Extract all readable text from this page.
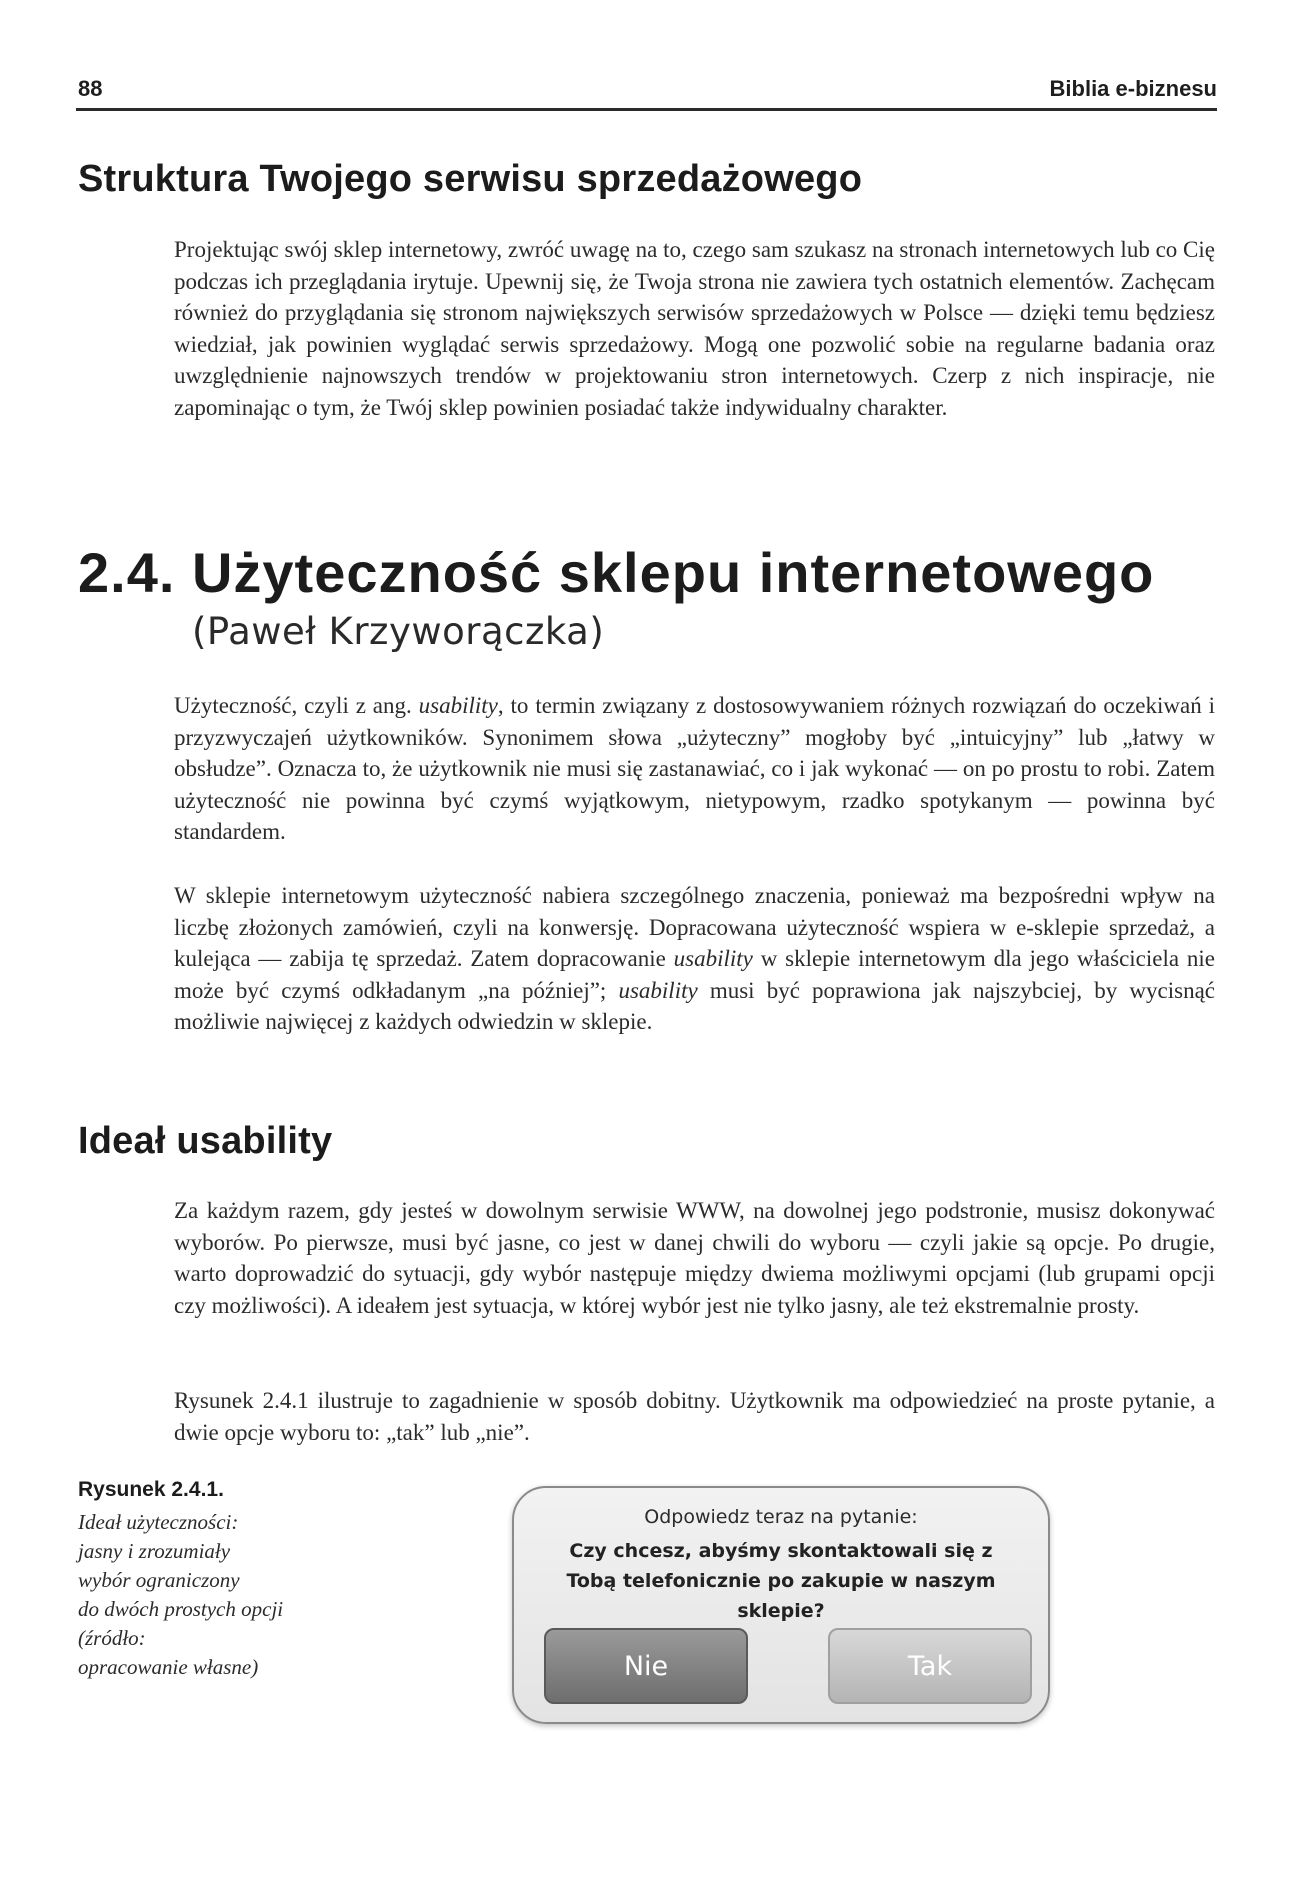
88	Biblia e-biznesu
Struktura Twojego serwisu sprzedażowego

Projektując swój sklep internetowy, zwróć uwagę na to, czego sam szukasz na stronach internetowych lub co Cię podczas ich przeglądania irytuje. Upewnij się, że Twoja strona nie zawiera tych ostatnich elementów. Zachęcam również do przyglądania się stronom największych serwisów sprzedażowych w Polsce — dzięki temu będziesz wiedział, jak powinien wyglądać serwis sprzedażowy. Mogą one pozwolić sobie na regularne badania oraz uwzględnienie najnowszych trendów w projektowaniu stron internetowych. Czerp z nich inspiracje, nie zapominając o tym, że Twój sklep powinien posiadać także indywidualny charakter.

2.4. Użyteczność sklepu internetowego
(Paweł Krzyworączka)

Użyteczność, czyli z ang. usability, to termin związany z dostosowywaniem różnych rozwiązań do oczekiwań i przyzwyczajeń użytkowników. Synonimem słowa „użyteczny” mogłoby być „intuicyjny” lub „łatwy w obsłudze”. Oznacza to, że użytkownik nie musi się zastanawiać, co i jak wykonać — on po prostu to robi. Zatem użyteczność nie powinna być czymś wyjątkowym, nietypowym, rzadko spotykanym — powinna być standardem.

W sklepie internetowym użyteczność nabiera szczególnego znaczenia, ponieważ ma bezpośredni wpływ na liczbę złożonych zamówień, czyli na konwersję. Dopracowana użyteczność wspiera w e-sklepie sprzedaż, a kulejąca — zabija tę sprzedaż. Zatem dopracowanie usability w sklepie internetowym dla jego właściciela nie może być czymś odkładanym „na później”; usability musi być poprawiona jak najszybciej, by wycisnąć możliwie najwięcej z każdych odwiedzin w sklepie.

Ideał usability

Za każdym razem, gdy jesteś w dowolnym serwisie WWW, na dowolnej jego podstronie, musisz dokonywać wyborów. Po pierwsze, musi być jasne, co jest w danej chwili do wyboru — czyli jakie są opcje. Po drugie, warto doprowadzić do sytuacji, gdy wybór następuje między dwiema możliwymi opcjami (lub grupami opcji czy możliwości). A ideałem jest sytuacja, w której wybór jest nie tylko jasny, ale też ekstremalnie prosty.

Rysunek 2.4.1 ilustruje to zagadnienie w sposób dobitny. Użytkownik ma odpowiedzieć na proste pytanie, a dwie opcje wyboru to: „tak” lub „nie”.

Rysunek 2.4.1.

Ideał użyteczności:
jasny i zrozumiały
wybór ograniczony
do dwóch prostych opcji
(źródło:
opracowanie własne)

Odpowiedz teraz na pytanie:

Czy chcesz, abyśmy skontaktowali się z Tobą telefonicznie po zakupie w naszym sklepie?

Nie	Tak
